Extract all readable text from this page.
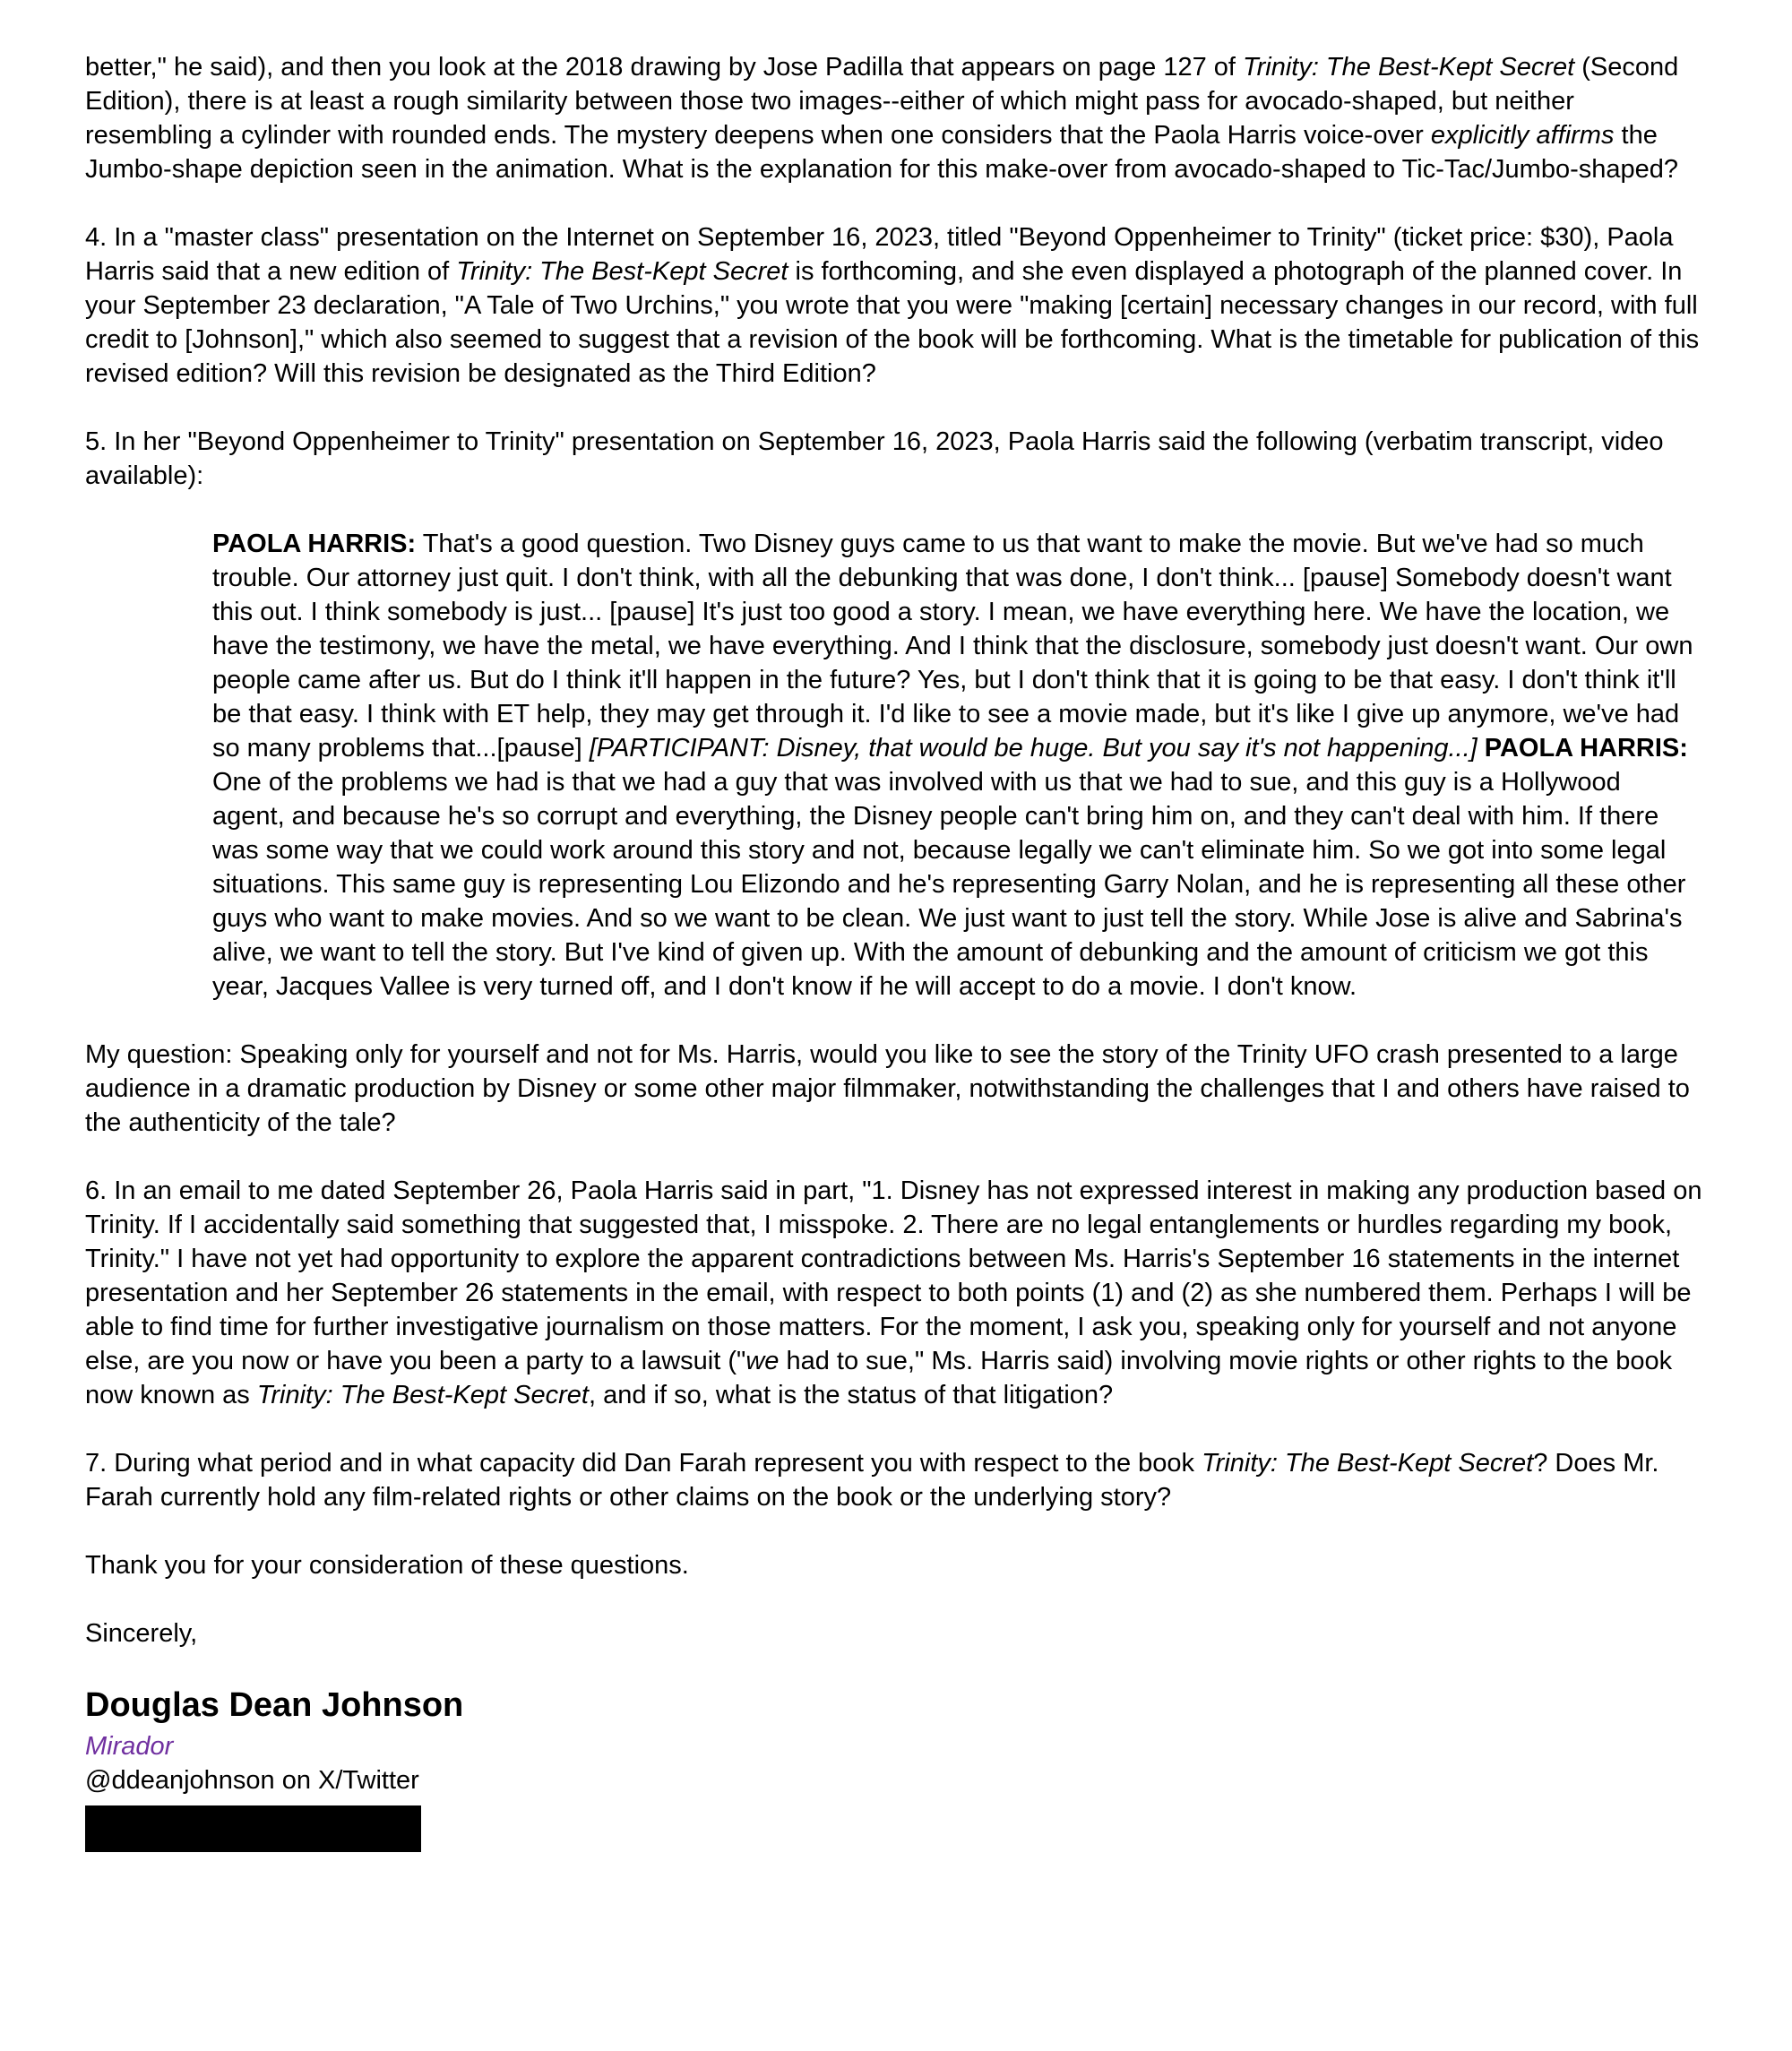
better," he said), and then you look at the 2018 drawing by Jose Padilla that appears on page 127 of Trinity: The Best-Kept Secret (Second Edition), there is at least a rough similarity between those two images--either of which might pass for avocado-shaped, but neither resembling a cylinder with rounded ends. The mystery deepens when one considers that the Paola Harris voice-over explicitly affirms the Jumbo-shape depiction seen in the animation. What is the explanation for this make-over from avocado-shaped to Tic-Tac/Jumbo-shaped?

4. In a "master class" presentation on the Internet on September 16, 2023, titled "Beyond Oppenheimer to Trinity" (ticket price: $30), Paola Harris said that a new edition of Trinity: The Best-Kept Secret is forthcoming, and she even displayed a photograph of the planned cover. In your September 23 declaration, "A Tale of Two Urchins," you wrote that you were "making [certain] necessary changes in our record, with full credit to [Johnson]," which also seemed to suggest that a revision of the book will be forthcoming. What is the timetable for publication of this revised edition? Will this revision be designated as the Third Edition?

5. In her "Beyond Oppenheimer to Trinity" presentation on September 16, 2023, Paola Harris said the following (verbatim transcript, video available):

PAOLA HARRIS: That's a good question. Two Disney guys came to us that want to make the movie. But we've had so much trouble. Our attorney just quit. I don't think, with all the debunking that was done, I don't think... [pause] Somebody doesn't want this out. I think somebody is just... [pause] It's just too good a story. I mean, we have everything here. We have the location, we have the testimony, we have the metal, we have everything. And I think that the disclosure, somebody just doesn't want. Our own people came after us. But do I think it'll happen in the future? Yes, but I don't think that it is going to be that easy. I don't think it'll be that easy. I think with ET help, they may get through it. I'd like to see a movie made, but it's like I give up anymore, we've had so many problems that...[pause] [PARTICIPANT: Disney, that would be huge. But you say it's not happening...] PAOLA HARRIS: One of the problems we had is that we had a guy that was involved with us that we had to sue, and this guy is a Hollywood agent, and because he's so corrupt and everything, the Disney people can't bring him on, and they can't deal with him. If there was some way that we could work around this story and not, because legally we can't eliminate him. So we got into some legal situations. This same guy is representing Lou Elizondo and he's representing Garry Nolan, and he is representing all these other guys who want to make movies. And so we want to be clean. We just want to just tell the story. While Jose is alive and Sabrina's alive, we want to tell the story. But I've kind of given up. With the amount of debunking and the amount of criticism we got this year, Jacques Vallee is very turned off, and I don't know if he will accept to do a movie. I don't know.

My question: Speaking only for yourself and not for Ms. Harris, would you like to see the story of the Trinity UFO crash presented to a large audience in a dramatic production by Disney or some other major filmmaker, notwithstanding the challenges that I and others have raised to the authenticity of the tale?

6. In an email to me dated September 26, Paola Harris said in part, "1. Disney has not expressed interest in making any production based on Trinity. If I accidentally said something that suggested that, I misspoke. 2. There are no legal entanglements or hurdles regarding my book, Trinity." I have not yet had opportunity to explore the apparent contradictions between Ms. Harris's September 16 statements in the internet presentation and her September 26 statements in the email, with respect to both points (1) and (2) as she numbered them. Perhaps I will be able to find time for further investigative journalism on those matters. For the moment, I ask you, speaking only for yourself and not anyone else, are you now or have you been a party to a lawsuit ("we had to sue," Ms. Harris said) involving movie rights or other rights to the book now known as Trinity: The Best-Kept Secret, and if so, what is the status of that litigation?

7. During what period and in what capacity did Dan Farah represent you with respect to the book Trinity: The Best-Kept Secret? Does Mr. Farah currently hold any film-related rights or other claims on the book or the underlying story?

Thank you for your consideration of these questions.

Sincerely,

Douglas Dean Johnson
Mirador
@ddeanjohnson on X/Twitter
